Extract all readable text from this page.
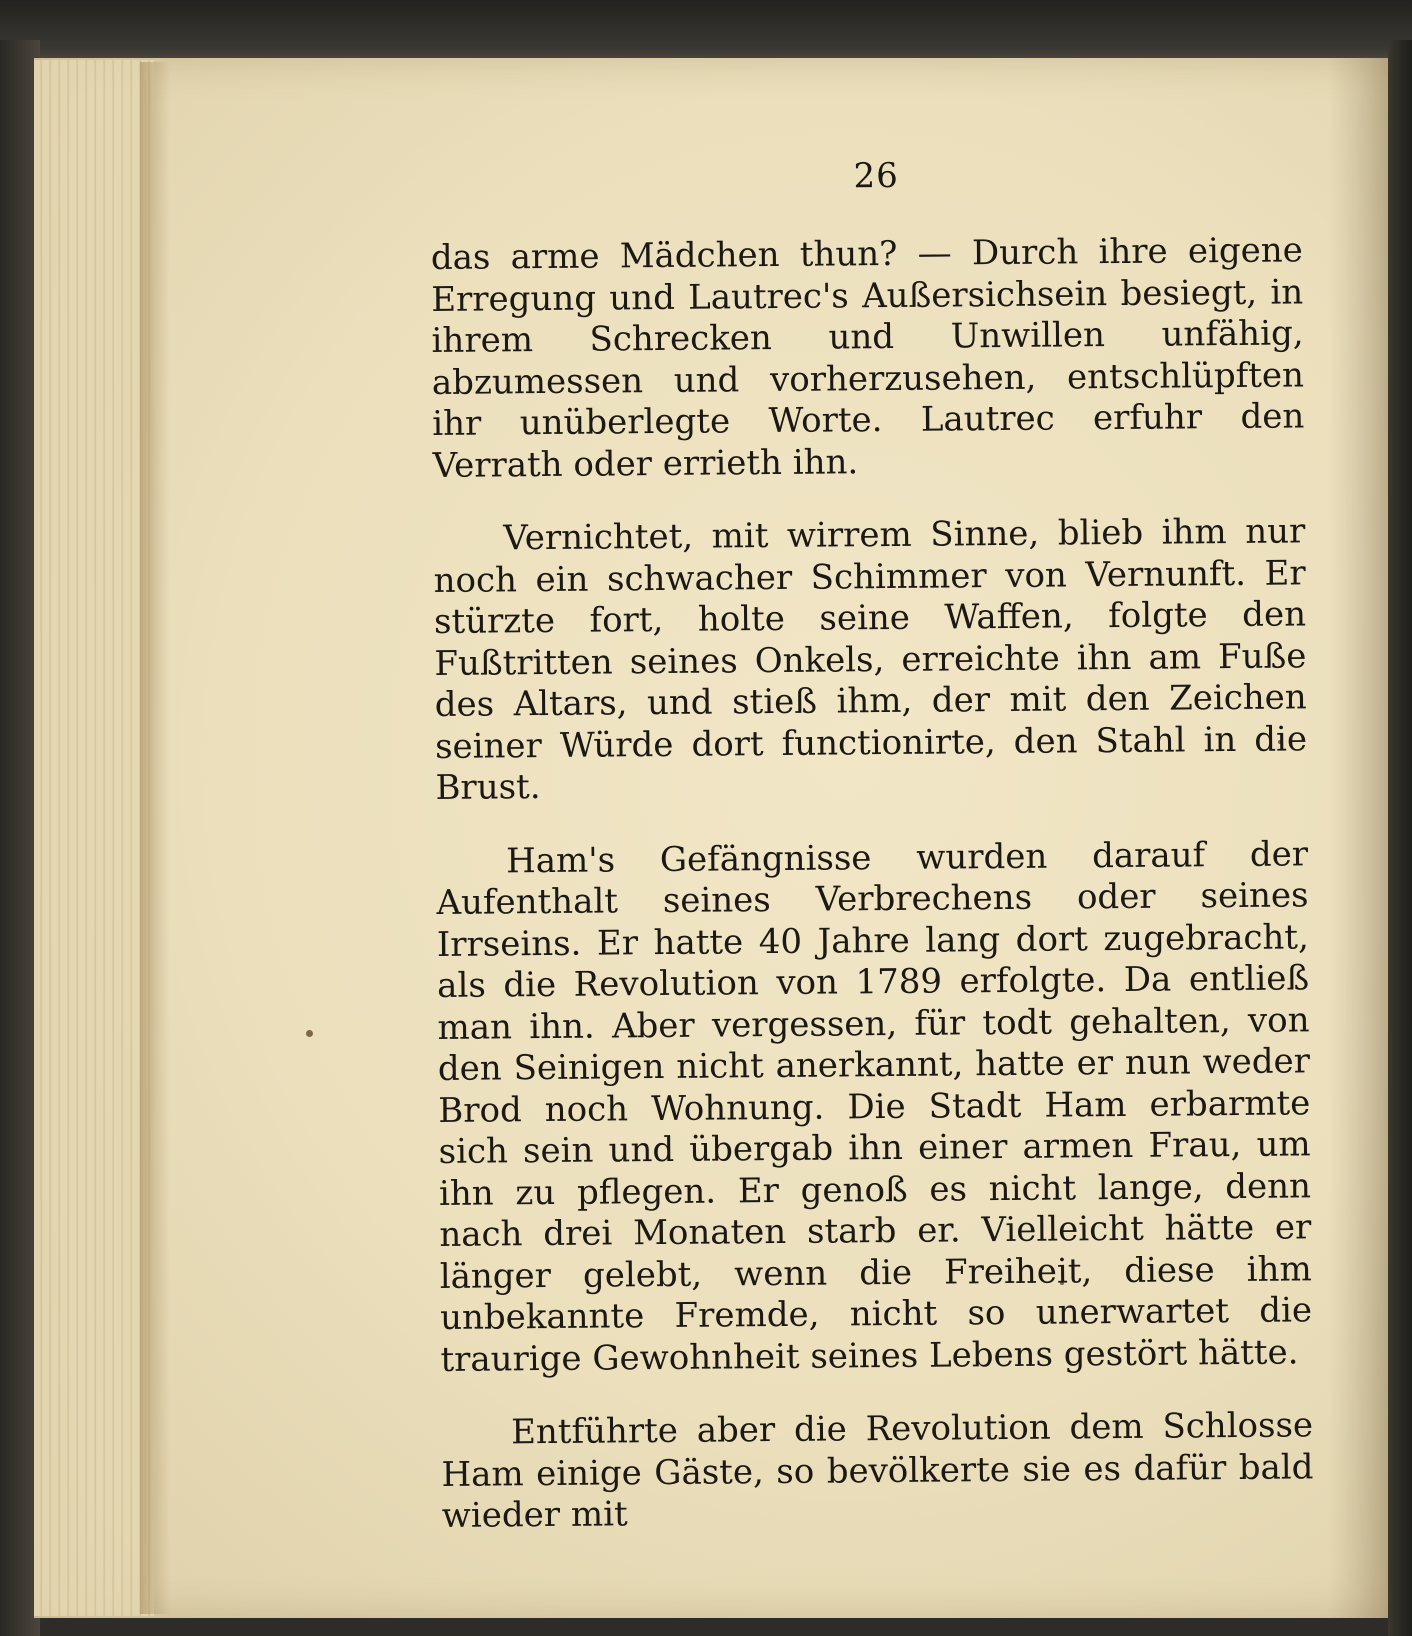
26

das arme Mädchen thun? — Durch ihre eigene Erregung und Lautrec's Außersichsein besiegt, in ihrem Schrecken und Unwillen unfähig, abzumessen und vorherzusehen, entschlüpften ihr unüberlegte Worte. Lautrec erfuhr den Verrath oder errieth ihn.

Vernichtet, mit wirrem Sinne, blieb ihm nur noch ein schwacher Schimmer von Vernunft. Er stürzte fort, holte seine Waffen, folgte den Fußtritten seines Onkels, erreichte ihn am Fuße des Altars, und stieß ihm, der mit den Zeichen seiner Würde dort functionirte, den Stahl in die Brust.

Ham's Gefängnisse wurden darauf der Aufenthalt seines Verbrechens oder seines Irrseins. Er hatte 40 Jahre lang dort zugebracht, als die Revolution von 1789 erfolgte. Da entließ man ihn. Aber vergessen, für todt gehalten, von den Seinigen nicht anerkannt, hatte er nun weder Brod noch Wohnung. Die Stadt Ham erbarmte sich sein und übergab ihn einer armen Frau, um ihn zu pflegen. Er genoß es nicht lange, denn nach drei Monaten starb er. Vielleicht hätte er länger gelebt, wenn die Freiheit, diese ihm unbekannte Fremde, nicht so unerwartet die traurige Gewohnheit seines Lebens gestört hätte.

Entführte aber die Revolution dem Schlosse Ham einige Gäste, so bevölkerte sie es dafür bald wieder mit
